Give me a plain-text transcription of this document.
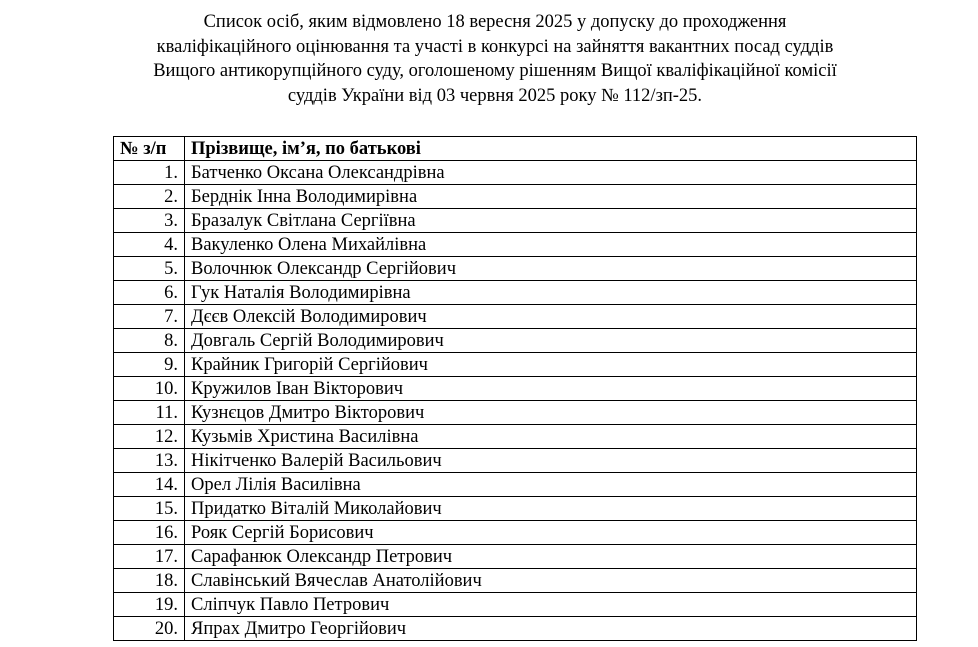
Список осіб, яким відмовлено 18 вересня 2025 у допуску до проходження
кваліфікаційного оцінювання та участі в конкурсі на зайняття вакантних посад суддів
Вищого антикорупційного суду, оголошеному рішенням Вищої кваліфікаційної комісії
суддів України від 03 червня 2025 року № 112/зп-25.
№ з/п	Прізвище, ім’я, по батькові
1.	Батченко Оксана Олександрівна
2.	Берднік Інна Володимирівна
3.	Бразалук Світлана Сергіївна
4.	Вакуленко Олена Михайлівна
5.	Волочнюк Олександр Сергійович
6.	Гук Наталія Володимирівна
7.	Дєєв Олексій Володимирович
8.	Довгаль Сергій Володимирович
9.	Крайник Григорій Сергійович
10.	Кружилов Іван Вікторович
11.	Кузнєцов Дмитро Вікторович
12.	Кузьмів Христина Василівна
13.	Нікітченко Валерій Васильович
14.	Орел Лілія Василівна
15.	Придатко Віталій Миколайович
16.	Рояк Сергій Борисович
17.	Сарафанюк Олександр Петрович
18.	Славінський Вячеслав Анатолійович
19.	Сліпчук Павло Петрович
20.	Япрах Дмитро Георгійович
